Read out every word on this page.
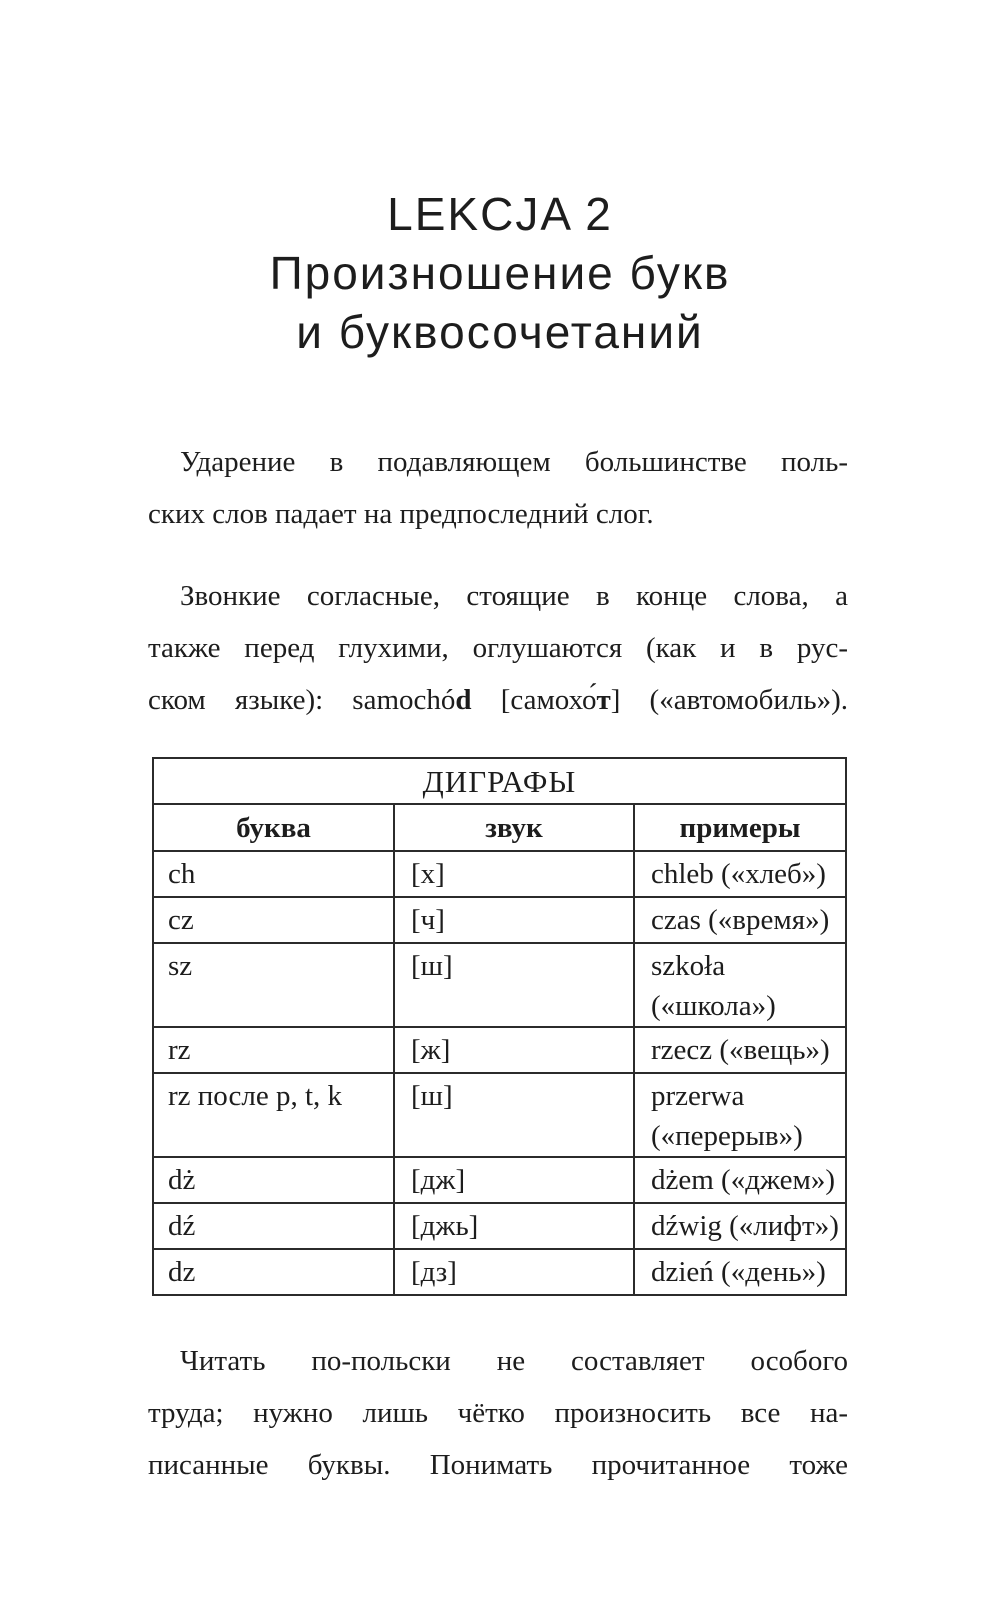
LEKCJA 2
Произношение букв
и буквосочетаний
Ударение в подавляющем большинстве поль-
ских слов падает на предпоследний слог.
Звонкие согласные, стоящие в конце слова, а
также перед глухими, оглушаются (как и в рус-
ском языке): samochód [самохо́т] («автомобиль»).
ДИГРАФЫ		
буква	звук	примеры
ch	[х]	chleb («хлеб»)

cz	[ч]	czas («время»)

sz	[ш]	szkoła
(«школа»)

rz	[ж]	rzecz («вещь»)

rz после p, t, k	[ш]	przerwa
(«перерыв»)

dż	[дж]	dżem («джем»)

dź	[джь]	dźwig («лифт»)

dz	[дз]	dzień («день»)
Читать по-польски не составляет особого
труда; нужно лишь чётко произносить все на-
писанные буквы. Понимать прочитанное тоже
